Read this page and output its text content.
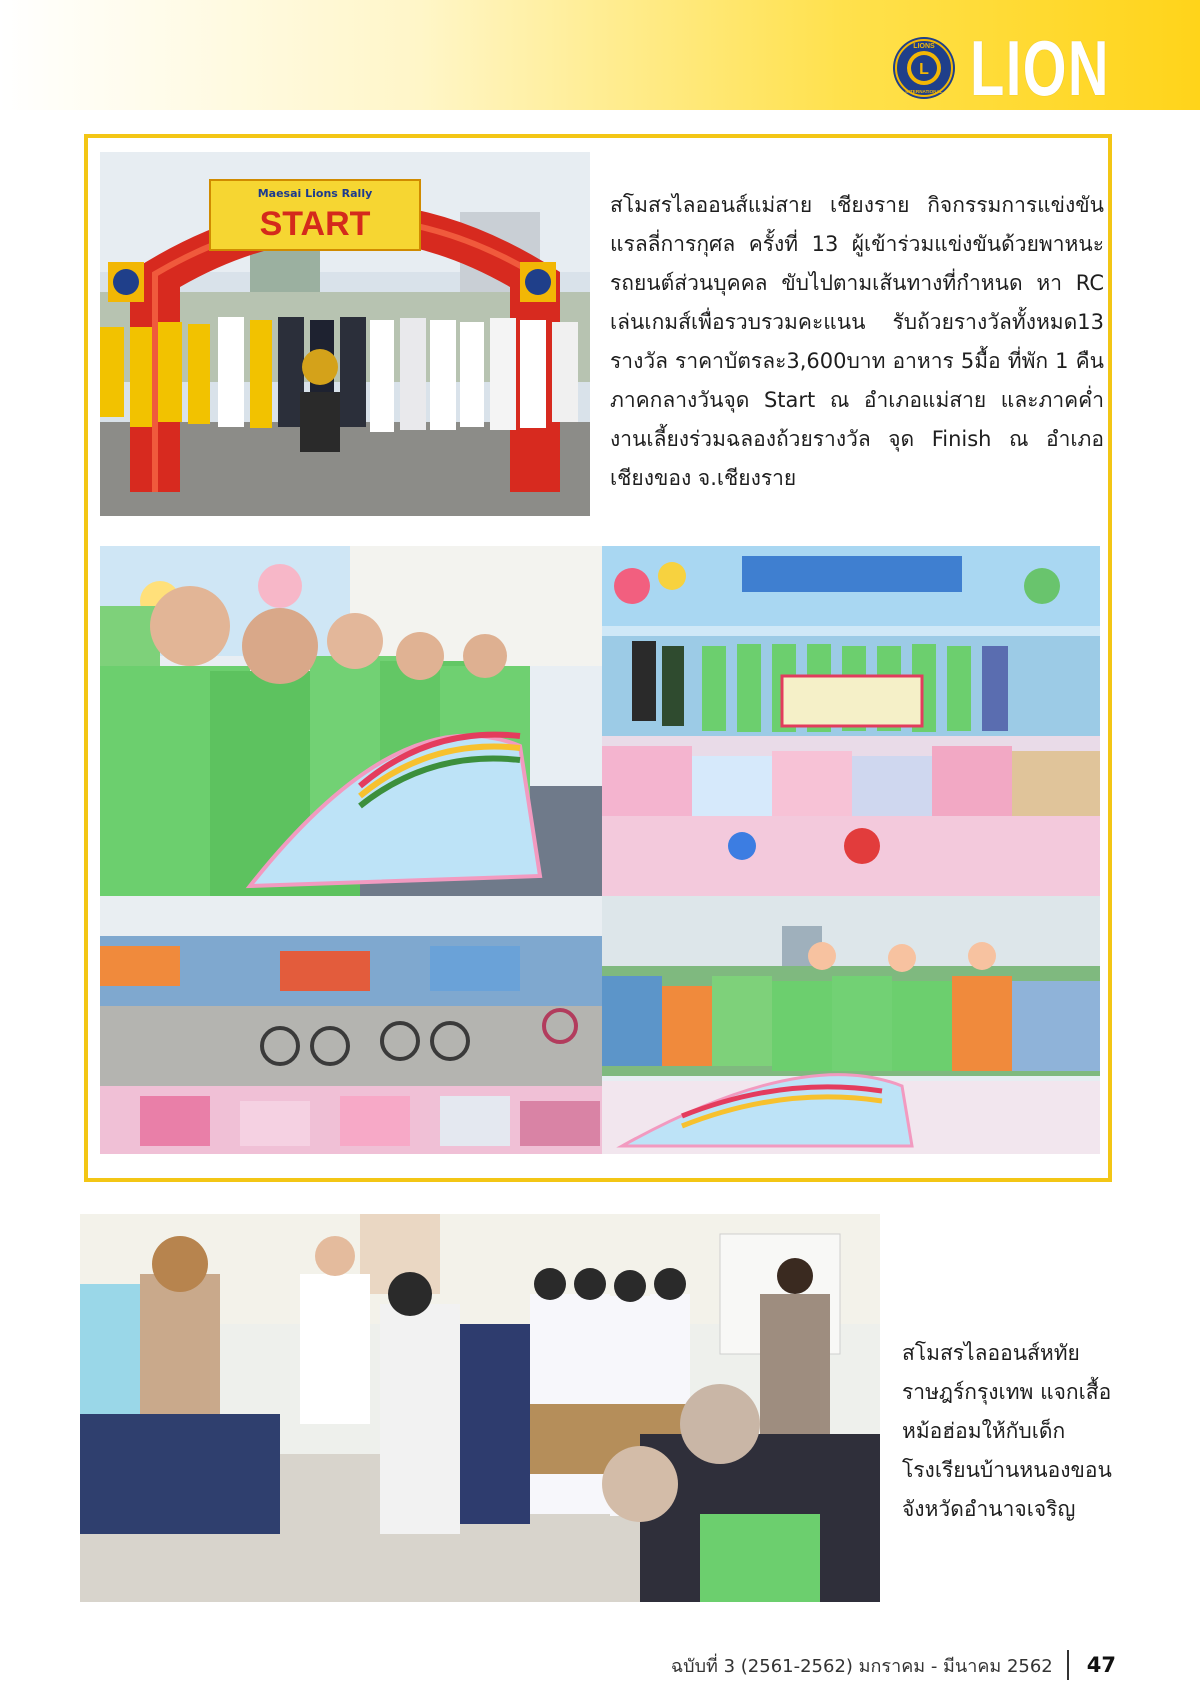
L
LIONS
INTERNATIONAL LION
Maesai Lions Rally
START	สโมสรไลออนส์แม่สาย เชียงราย กิจกรรมการแข่งขันแรลลี่การกุศล ครั้งที่ 13 ผู้เข้าร่วมแข่งขันด้วยพาหนะรถยนต์ส่วนบุคคล ขับไปตามเส้นทางที่กำหนด หา RC เล่นเกมส์เพื่อรวบรวมคะแนน รับถ้วยรางวัลทั้งหมด13 รางวัล ราคาบัตรละ3,600บาท อาหาร 5มื้อ ที่พัก 1 คืน ภาคกลางวันจุด Start ณ อำเภอแม่สาย และภาคค่ำงานเลี้ยงร่วมฉลองถ้วยรางวัล จุด Finish ณ อำเภอเชียงของ จ.เชียงราย
สโมสรไลออนส์หทัยราษฎร์กรุงเทพ แจกเสื้อหม้อฮ่อมให้กับเด็กโรงเรียนบ้านหนองขอน จังหวัดอำนาจเจริญ
ฉบับที่ 3 (2561-2562) มกราคม - มีนาคม 2562 47
